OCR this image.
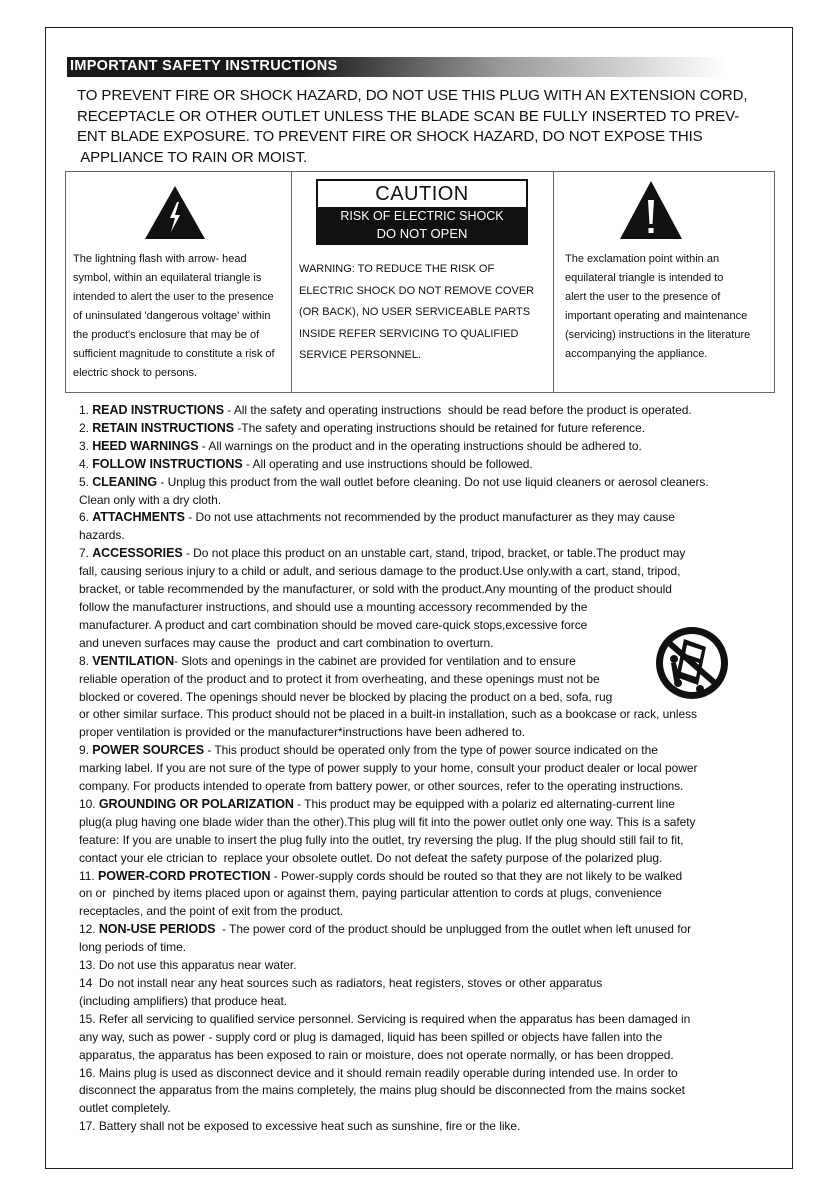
IMPORTANT SAFETY INSTRUCTIONS
TO PREVENT FIRE OR SHOCK HAZARD, DO NOT USE THIS PLUG WITH AN EXTENSION CORD,
RECEPTACLE OR OTHER OUTLET UNLESS THE BLADE SCAN BE FULLY INSERTED TO PREV-
ENT BLADE EXPOSURE. TO PREVENT FIRE OR SHOCK HAZARD, DO NOT EXPOSE THIS
APPLIANCE TO RAIN OR MOIST.
The lightning flash with arrow- head
symbol, within an equilateral triangle is
intended to alert the user to the presence
of uninsulated 'dangerous voltage' within
the product's enclosure that may be of
sufficient magnitude to constitute a risk of
electric shock to persons.
CAUTION
RISK OF ELECTRIC SHOCK
DO NOT OPEN
WARNING: TO REDUCE THE RISK OF
ELECTRIC SHOCK DO NOT REMOVE COVER
(OR BACK), NO USER SERVICEABLE PARTS
INSIDE REFER SERVICING TO QUALIFIED
SERVICE PERSONNEL.
The exclamation point within an
equilateral triangle is intended to
alert the user to the presence of
important operating and maintenance
(servicing) instructions in the literature
accompanying the appliance.
1. READ INSTRUCTIONS - All the safety and operating instructions  should be read before the product is operated.
2. RETAIN INSTRUCTIONS -The safety and operating instructions should be retained for future reference.
3. HEED WARNINGS - All warnings on the product and in the operating instructions should be adhered to.
4. FOLLOW INSTRUCTIONS - All operating and use instructions should be followed.
5. CLEANING - Unplug this product from the wall outlet before cleaning. Do not use liquid cleaners or aerosol cleaners.
Clean only with a dry cloth.
6. ATTACHMENTS - Do not use attachments not recommended by the product manufacturer as they may cause
hazards.
7. ACCESSORIES - Do not place this product on an unstable cart, stand, tripod, bracket, or table.The product may
fall, causing serious injury to a child or adult, and serious damage to the product.Use only.with a cart, stand, tripod,
bracket, or table recommended by the manufacturer, or sold with the product.Any mounting of the product should
follow the manufacturer instructions, and should use a mounting accessory recommended by the
manufacturer. A product and cart combination should be moved care-quick stops,excessive force
and uneven surfaces may cause the  product and cart combination to overturn.
8. VENTILATION- Slots and openings in the cabinet are provided for ventilation and to ensure
reliable operation of the product and to protect it from overheating, and these openings must not be
blocked or covered. The openings should never be blocked by placing the product on a bed, sofa, rug
or other similar surface. This product should not be placed in a built-in installation, such as a bookcase or rack, unless
proper ventilation is provided or the manufacturer*instructions have been adhered to.
9. POWER SOURCES - This product should be operated only from the type of power source indicated on the
marking label. If you are not sure of the type of power supply to your home, consult your product dealer or local power
company. For products intended to operate from battery power, or other sources, refer to the operating instructions.
10. GROUNDING OR POLARIZATION - This product may be equipped with a polariz ed alternating-current line
plug(a plug having one blade wider than the other).This plug will fit into the power outlet only one way. This is a safety
feature: If you are unable to insert the plug fully into the outlet, try reversing the plug. If the plug should still fail to fit,
contact your ele ctrician to  replace your obsolete outlet. Do not defeat the safety purpose of the polarized plug.
11. POWER-CORD PROTECTION - Power-supply cords should be routed so that they are not likely to be walked
on or  pinched by items placed upon or against them, paying particular attention to cords at plugs, convenience
receptacles, and the point of exit from the product.
12. NON-USE PERIODS  - The power cord of the product should be unplugged from the outlet when left unused for
long periods of time.
13. Do not use this apparatus near water.
14  Do not install near any heat sources such as radiators, heat registers, stoves or other apparatus
(including amplifiers) that produce heat.
15. Refer all servicing to qualified service personnel. Servicing is required when the apparatus has been damaged in
any way, such as power - supply cord or plug is damaged, liquid has been spilled or objects have fallen into the
apparatus, the apparatus has been exposed to rain or moisture, does not operate normally, or has been dropped.
16. Mains plug is used as disconnect device and it should remain readily operable during intended use. In order to
disconnect the apparatus from the mains completely, the mains plug should be disconnected from the mains socket
outlet completely.
17. Battery shall not be exposed to excessive heat such as sunshine, fire or the like.
